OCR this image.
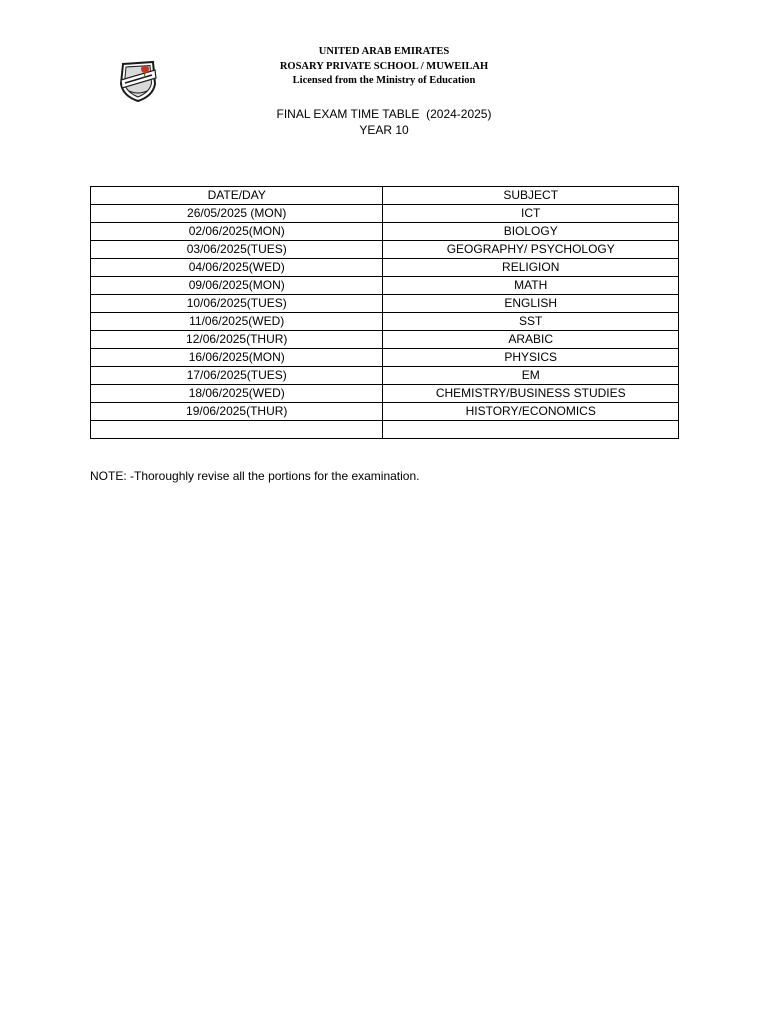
UNITED ARAB EMIRATES
ROSARY PRIVATE SCHOOL / MUWEILAH
Licensed from the Ministry of Education
FINAL EXAM TIME TABLE  (2024-2025)
YEAR 10
DATE/DAY	SUBJECT
26/05/2025 (MON)	ICT
02/06/2025(MON)	BIOLOGY
03/06/2025(TUES)	GEOGRAPHY/ PSYCHOLOGY
04/06/2025(WED)	RELIGION
09/06/2025(MON)	MATH
10/06/2025(TUES)	ENGLISH
11/06/2025(WED)	SST
12/06/2025(THUR)	ARABIC
16/06/2025(MON)	PHYSICS
17/06/2025(TUES)	EM
18/06/2025(WED)	CHEMISTRY/BUSINESS STUDIES
19/06/2025(THUR)	HISTORY/ECONOMICS

NOTE: -Thoroughly revise all the portions for the examination.
